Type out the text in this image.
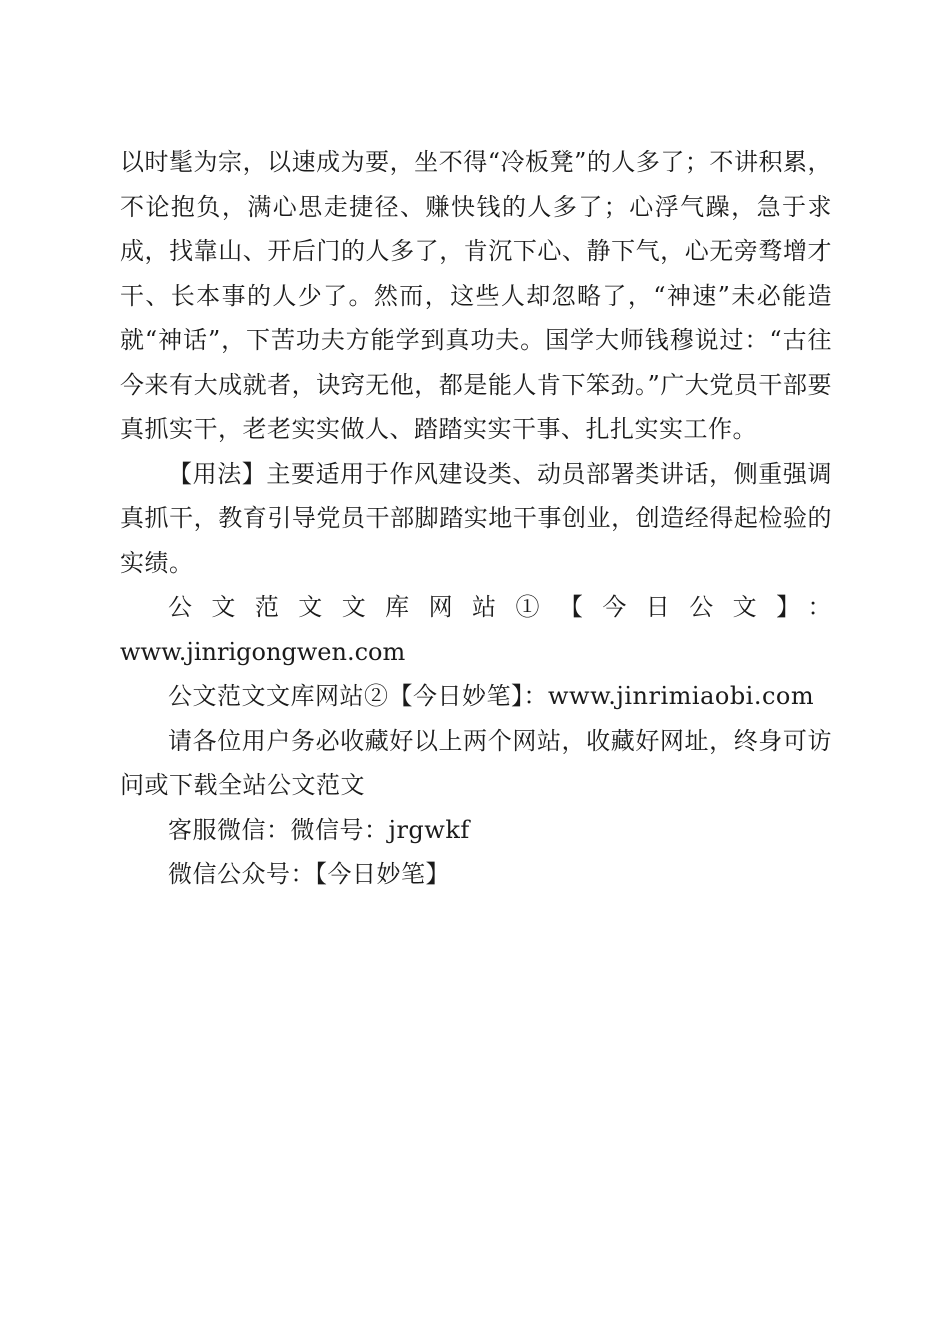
以时髦为宗，以速成为要，坐不得“冷板凳”的人多了；不讲积累，不论抱负，满心思走捷径、赚快钱的人多了；心浮气躁，急于求成，找靠山、开后门的人多了，肯沉下心、静下气，心无旁骛增才干、长本事的人少了。然而，这些人却忽略了，“神速”未必能造就“神话”，下苦功夫方能学到真功夫。国学大师钱穆说过：“古往今来有大成就者，诀窍无他，都是能人肯下笨劲。”广大党员干部要真抓实干，老老实实做人、踏踏实实干事、扎扎实实工作。

【用法】主要适用于作风建设类、动员部署类讲话，侧重强调真抓干，教育引导党员干部脚踏实地干事创业，创造经得起检验的实绩。

公文范文文库网站①【今日公文】：

www.jinrigongwen.com

公文范文文库网站②【今日妙笔】：www.jinrimiaobi.com

请各位用户务必收藏好以上两个网站，收藏好网址，终身可访问或下载全站公文范文

客服微信：微信号：jrgwkf

微信公众号：【今日妙笔】
